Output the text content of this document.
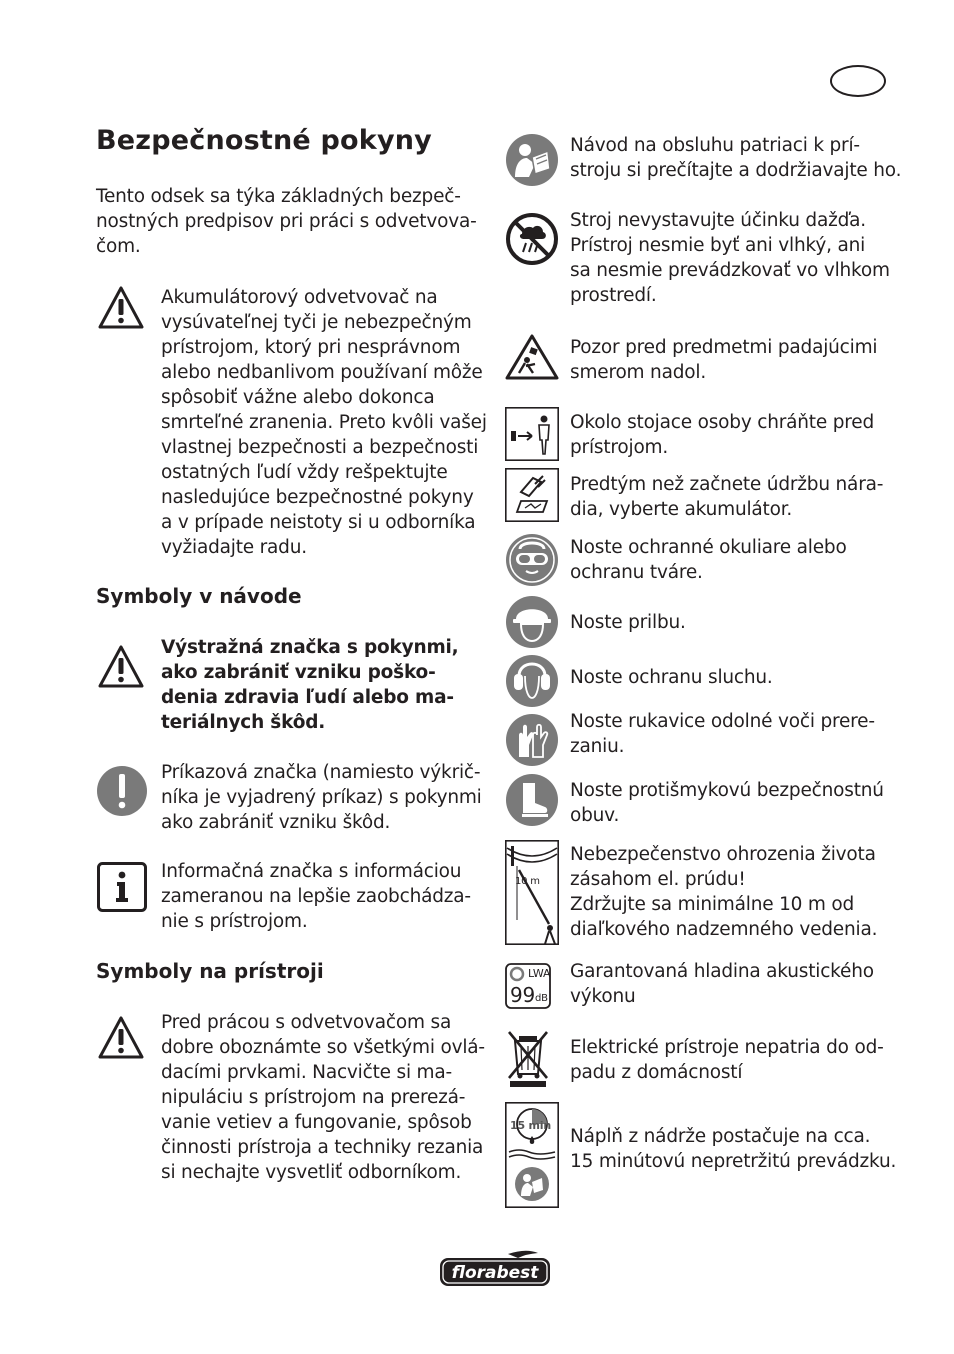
Bezpečnostné pokyny

Tento odsek sa týka základných bezpeč-
nostných predpisov pri práci s odvetvova-
čom.

Akumulátorový odvetvovač na
vysúvateľnej tyči je nebezpečným
prístrojom, ktorý pri nesprávnom
alebo nedbanlivom používaní môže
spôsobiť vážne alebo dokonca
smrteľné zranenia. Preto kvôli vašej
vlastnej bezpečnosti a bezpečnosti
ostatných ľudí vždy rešpektujte
nasledujúce bezpečnostné pokyny
a v prípade neistoty si u odborníka
vyžiadajte radu.

Symboly v návode

Výstražná značka s pokynmi,
ako zabrániť vzniku poško-
denia zdravia ľudí alebo ma-
teriálnych škôd.

Príkazová značka (namiesto výkrič-
níka je vyjadrený príkaz) s pokynmi
ako zabrániť vzniku škôd.

Informačná značka s informáciou
zameranou na lepšie zaobchádza-
nie s prístrojom.

Symboly na prístroji

Pred prácou s odvetvovačom sa
dobre oboznámte so všetkými ovlá-
dacími prvkami. Nacvičte si ma-
nipuláciu s prístrojom na prerezá-
vanie vetiev a fungovanie, spôsob
činnosti prístroja a techniky rezania
si nechajte vysvetliť odborníkom.

Návod na obsluhu patriaci k prí-
stroju si prečítajte a dodržiavajte ho.

Stroj nevystavujte účinku dažďa.
Prístroj nesmie byť ani vlhký, ani
sa nesmie prevádzkovať vo vlhkom
prostredí.

Pozor pred predmetmi padajúcimi
smerom nadol.

Okolo stojace osoby chráňte pred
prístrojom.

Predtým než začnete údržbu nára-
dia, vyberte akumulátor.

Noste ochranné okuliare alebo
ochranu tváre.

Noste prilbu.

Noste ochranu sluchu.

Noste rukavice odolné voči prere-
zaniu.

Noste protišmykovú bezpečnostnú
obuv.

10 m

Nebezpečenstvo ohrozenia života
zásahom el. prúdu!
Zdržujte sa minimálne 10 m od
diaľkového nadzemného vedenia.

LWA
99 dB

Garantovaná hladina akustického
výkonu

Elektrické prístroje nepatria do od-
padu z domácností

15 min

Náplň z nádrže postačuje na cca.
15 minútovú nepretržitú prevádzku.

florabest
